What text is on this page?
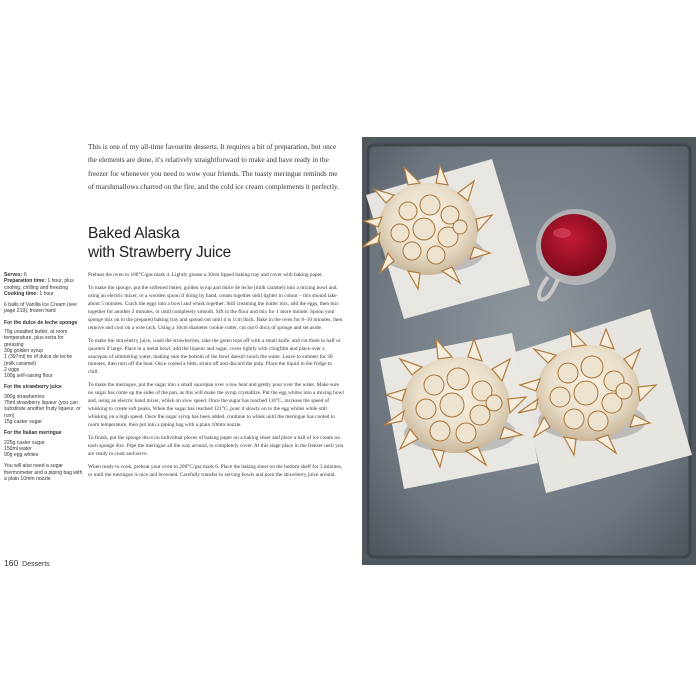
This is one of my all-time favourite desserts. It requires a bit of preparation, but once the elements are done, it's relatively straightforward to make and have ready in the freezer for whenever you need to wow your friends. The toasty meringue reminds me of marshmallows charred on the fire, and the cold ice cream complements it perfectly.

Baked Alaska
with Strawberry Juice

Serves: 6

Preparation time: 1 hour, plus cooling, chilling and freezing

Cooking time: 1 hour

6 balls of Vanilla Ice Cream (see page 219), frozen hard

For the dulce de leche sponge

75g unsalted butter, at room temperature, plus extra for greasing

30g golden syrup

1 (397ml) tin of dulce de leche (milk caramel)

2 eggs

100g self-raising flour

For the strawberry juice

300g strawberries

75ml strawberry liqueur (you can substitute another fruity liqueur, or rum)

15g caster sugar

For the Italian meringue

225g caster sugar

150ml water

90g egg whites

You will also need a sugar thermometer and a piping bag with a plain 10mm nozzle

Preheat the oven to 180°C/gas mark 4. Lightly grease a 30cm lipped baking tray and cover with baking paper.

To make the sponge, put the softened butter, golden syrup and dulce de leche (milk caramel) into a mixing bowl and, using an electric mixer, or a wooden spoon if doing by hand, cream together until lighter in colour – this should take about 5 minutes. Crack the eggs into a bowl and whisk together. Still creaming the butter mix, add the eggs, then mix together for another 2 minutes, or until completely smooth. Sift in the flour and mix for 1 more minute. Spoon your sponge mix on to the prepared baking tray and spread out until it is 1cm thick. Bake in the oven for 8–10 minutes, then remove and cool on a wire rack. Using a 10cm diameter cookie cutter, cut out 6 discs of sponge and set aside.

To make the strawberry juice, wash the strawberries, take the green tops off with a small knife, and cut them in half or quarters if large. Place in a metal bowl, add the liqueur and sugar, cover tightly with clingfilm and place over a saucepan of simmering water, making sure the bottom of the bowl doesn't touch the water. Leave to simmer for 30 minutes, then turn off the heat. Once cooled a little, strain off and discard the pulp. Place the liquid in the fridge to chill.

To make the meringue, put the sugar into a small saucepan over a low heat and gently pour over the water. Make sure no sugar has come up the sides of the pan, as this will make the syrup crystallize. Put the egg whites into a mixing bowl and, using an electric hand mixer, whisk on slow speed. Once the sugar has reached 116°C, increase the speed of whisking to create soft peaks. When the sugar has reached 121°C, pour it slowly on to the egg whites while still whisking on a high speed. Once the sugar syrup has been added, continue to whisk until the meringue has cooled to room temperature, then put into a piping bag with a plain 10mm nozzle.

To finish, put the sponge discs on individual pieces of baking paper on a baking sheet and place a ball of ice cream on each sponge disc. Pipe the meringue all the way around, to completely cover. At this stage place in the freezer until you are ready to cook and serve.

When ready to cook, preheat your oven to 200°C/gas mark 6. Place the baking sheet on the bottom shelf for 3 minutes, or until the meringue is nice and browned. Carefully transfer to serving bowls and pour the strawberry juice around.

160 Desserts
